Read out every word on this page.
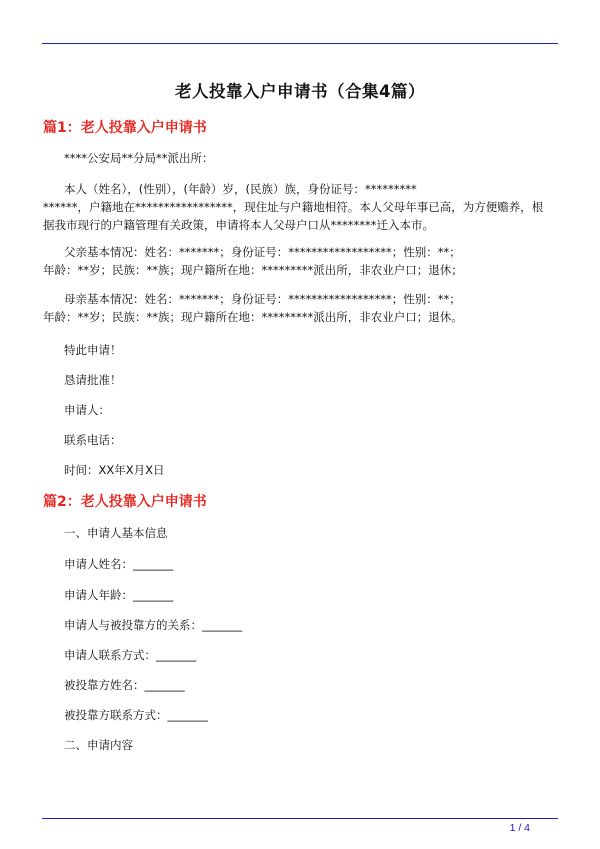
老人投靠入户申请书（合集4篇）
篇1：老人投靠入户申请书
****公安局**分局**派出所：
本人（姓名），(性别），(年龄）岁，(民族）族，身份证号：*********
******，户籍地在*****************，现住址与户籍地相符。本人父母年事已高，为方便赡养，根
据我市现行的户籍管理有关政策，申请将本人父母户口从********迁入本市。
父亲基本情况：姓名：*******；身份证号：******************；性别：**；
年龄：**岁；民族：**族；现户籍所在地：*********派出所，非农业户口；退休；
母亲基本情况：姓名：*******；身份证号：******************；性别：**；
年龄：**岁；民族：**族；现户籍所在地：*********派出所，非农业户口；退休。
特此申请！
恳请批准！
申请人：
联系电话：
时间：XX年X月X日
篇2：老人投靠入户申请书
一、申请人基本信息
申请人姓名：_______
申请人年龄：_______
申请人与被投靠方的关系：_______
申请人联系方式：_______
被投靠方姓名：_______
被投靠方联系方式：_______
二、申请内容
1 / 4
